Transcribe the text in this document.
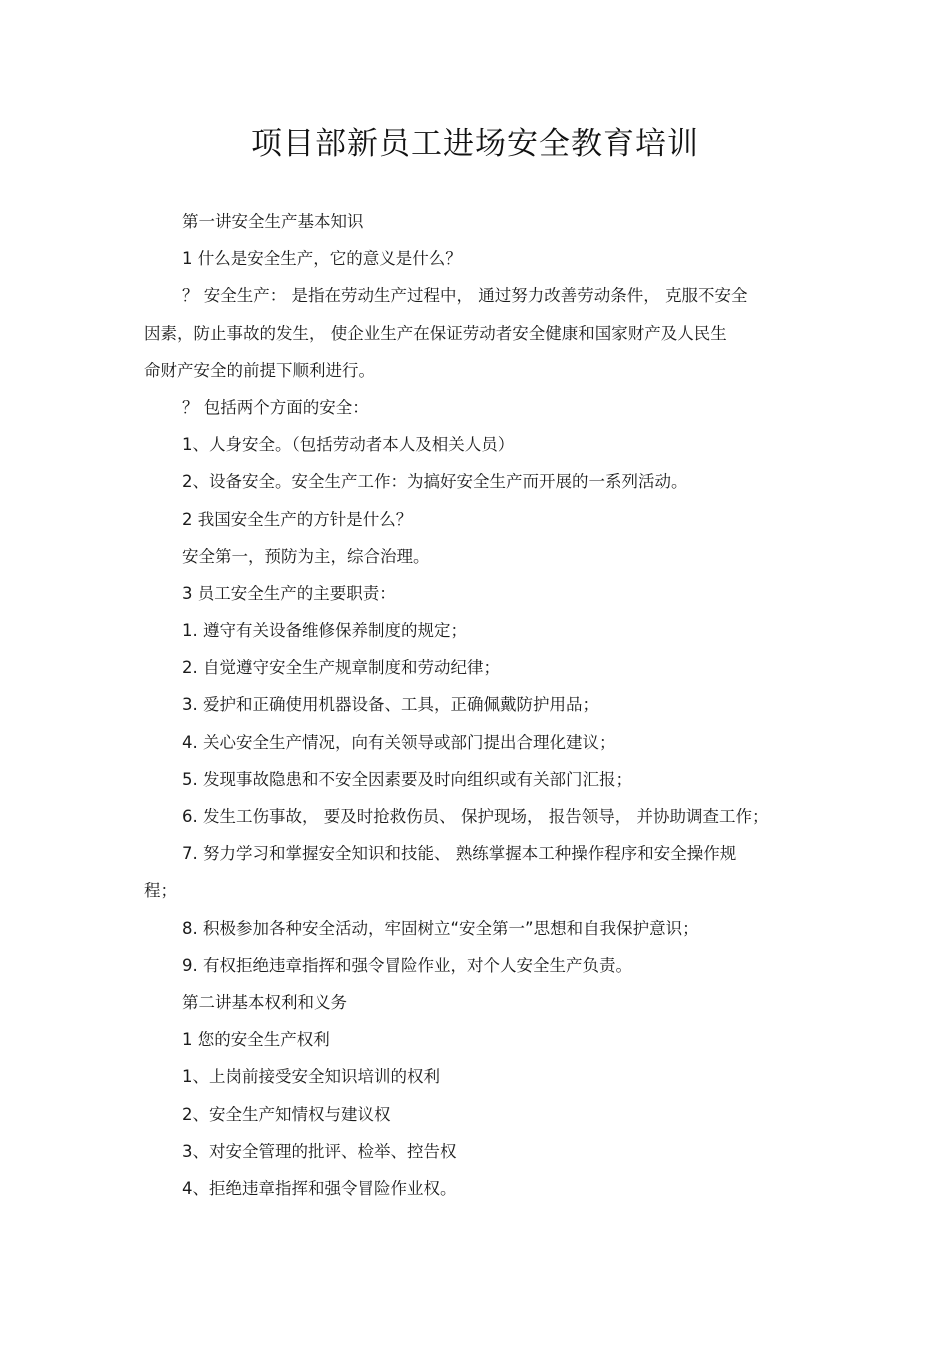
项目部新员工进场安全教育培训
第一讲安全生产基本知识
1 什么是安全生产，它的意义是什么？
？ 安全生产： 是指在劳动生产过程中， 通过努力改善劳动条件， 克服不安全
因素，防止事故的发生， 使企业生产在保证劳动者安全健康和国家财产及人民生
命财产安全的前提下顺利进行。
？ 包括两个方面的安全：
1、人身安全。（包括劳动者本人及相关人员）
2、设备安全。安全生产工作：为搞好安全生产而开展的一系列活动。
2 我国安全生产的方针是什么？
安全第一，预防为主，综合治理。
3 员工安全生产的主要职责：
1. 遵守有关设备维修保养制度的规定；
2. 自觉遵守安全生产规章制度和劳动纪律；
3. 爱护和正确使用机器设备、工具，正确佩戴防护用品；
4. 关心安全生产情况，向有关领导或部门提出合理化建议；
5. 发现事故隐患和不安全因素要及时向组织或有关部门汇报；
6. 发生工伤事故， 要及时抢救伤员、 保护现场， 报告领导， 并协助调查工作；
7. 努力学习和掌握安全知识和技能、 熟练掌握本工种操作程序和安全操作规
程；
8. 积极参加各种安全活动，牢固树立“安全第一”思想和自我保护意识；
9. 有权拒绝违章指挥和强令冒险作业，对个人安全生产负责。
第二讲基本权利和义务
1 您的安全生产权利
1、上岗前接受安全知识培训的权利
2、安全生产知情权与建议权
3、对安全管理的批评、检举、控告权
4、拒绝违章指挥和强令冒险作业权。
